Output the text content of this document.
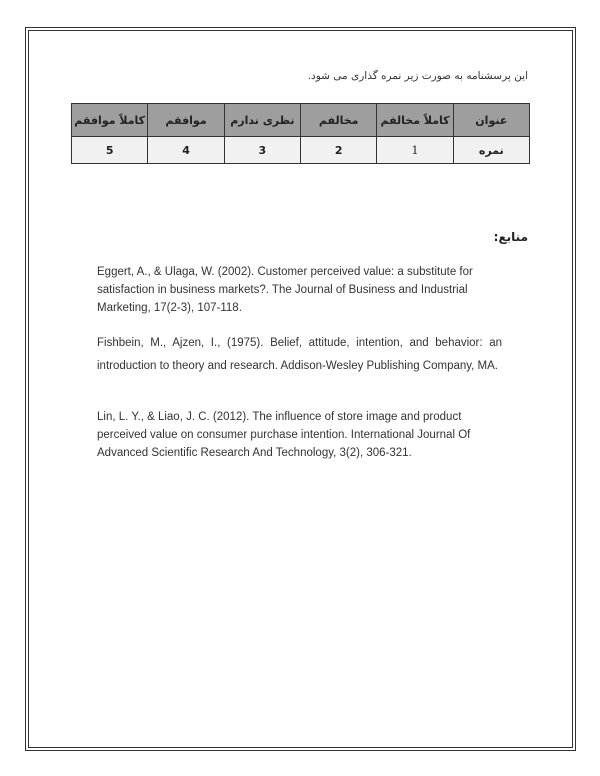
این پرسشنامه به صورت زیر نمره گذاری می شود.
عنوان	کاملاً مخالفم	مخالفم	نظری ندارم	موافقم	کاملاً موافقم
نمره	1	2	3	4	5
منابع:
Eggert, A., & Ulaga, W. (2002). Customer perceived value: a substitute for satisfaction in business markets?. The Journal of Business and Industrial Marketing, 17(2-3), 107-118.
Fishbein, M., Ajzen, I., (1975). Belief, attitude, intention, and behavior: an introduction to theory and research. Addison-Wesley Publishing Company, MA.
Lin, L. Y., & Liao, J. C. (2012). The influence of store image and product perceived value on consumer purchase intention. International Journal Of Advanced Scientific Research And Technology, 3(2), 306-321.
